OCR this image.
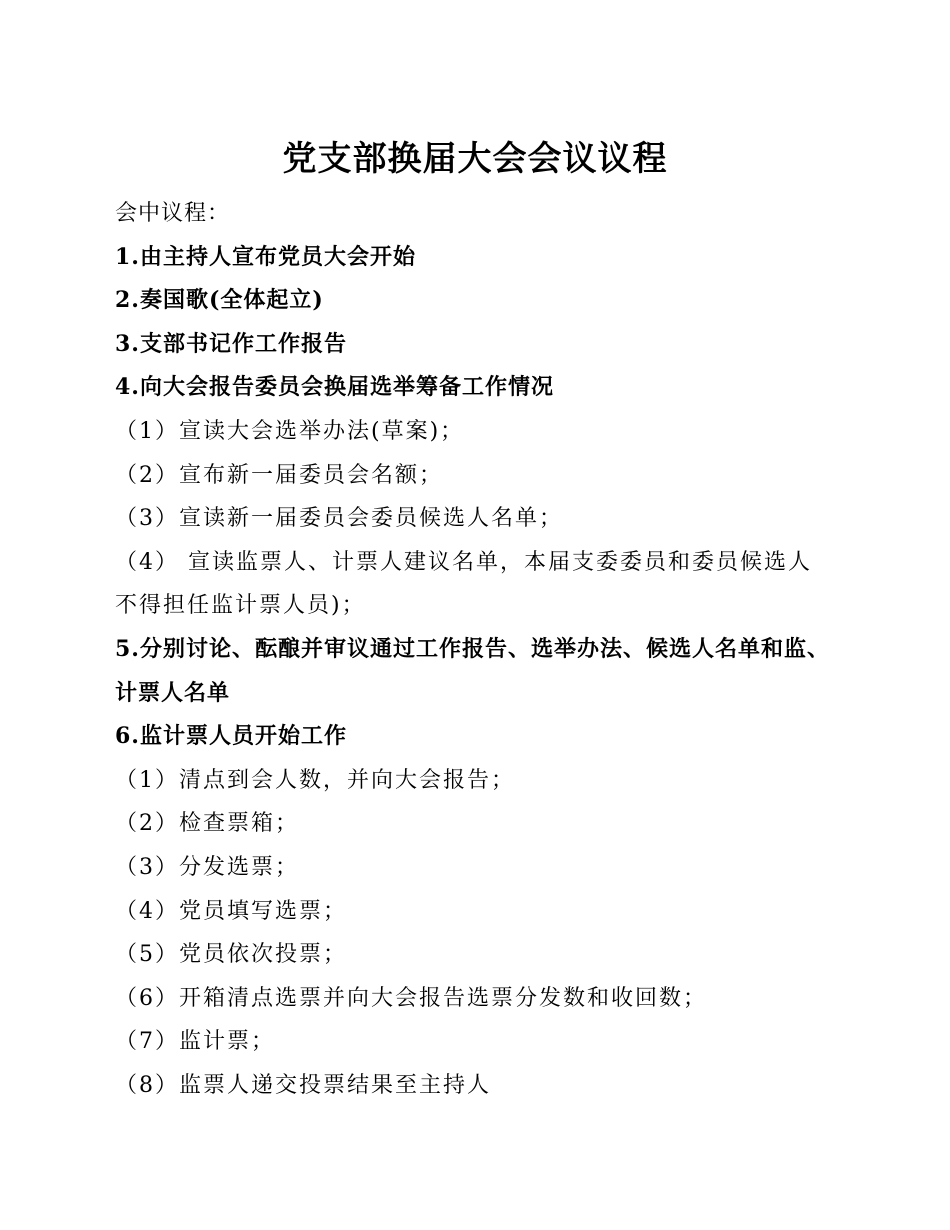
党支部换届大会会议议程
会中议程：
1.由主持人宣布党员大会开始
2.奏国歌(全体起立)
3.支部书记作工作报告
4.向大会报告委员会换届选举筹备工作情况
（1）宣读大会选举办法(草案)；
（2）宣布新一届委员会名额；
（3）宣读新一届委员会委员候选人名单；
（4） 宣读监票人、计票人建议名单，本届支委委员和委员候选人不得担任监计票人员)；
5.分别讨论、酝酿并审议通过工作报告、选举办法、候选人名单和监、计票人名单
6.监计票人员开始工作
（1）清点到会人数，并向大会报告；
（2）检查票箱；
（3）分发选票；
（4）党员填写选票；
（5）党员依次投票；
（6）开箱清点选票并向大会报告选票分发数和收回数；
（7）监计票；
（8）监票人递交投票结果至主持人
